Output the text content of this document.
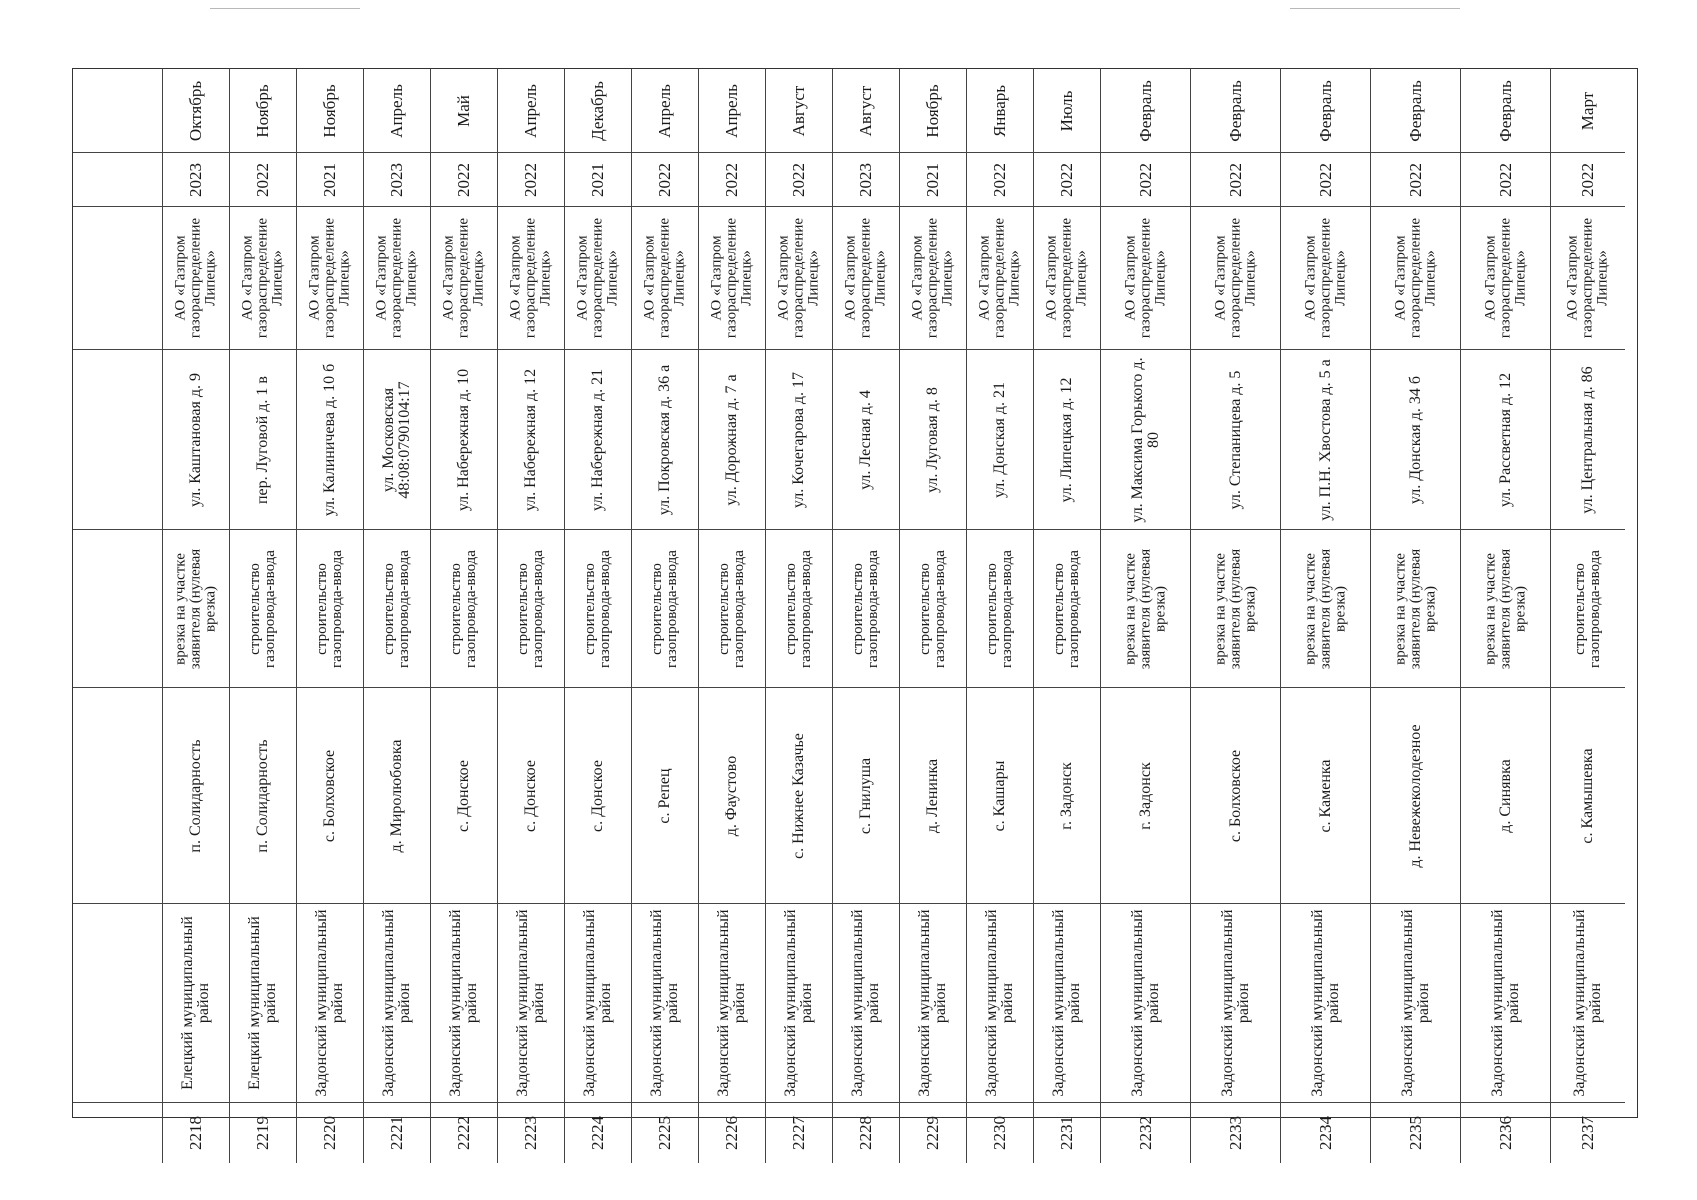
Октябрь
2023
АО «Газпром газораспределение Липецк»
ул. Каштановая д. 9
врезка на участке заявителя (нулевая врезка)
п. Солидарность
Елецкий муниципальный район
2218
Ноябрь
2022
АО «Газпром газораспределение Липецк»
пер. Луговой д. 1 в
строительство газопровода-ввода
п. Солидарность
Елецкий муниципальный район
2219
Ноябрь
2021
АО «Газпром газораспределение Липецк»
ул. Калиничева д. 10 б
строительство газопровода-ввода
с. Болховское
Задонский муниципальный район
2220
Апрель
2023
АО «Газпром газораспределение Липецк»
ул. Московская 48:08:0790104:17
строительство газопровода-ввода
д. Миролюбовка
Задонский муниципальный район
2221
Май
2022
АО «Газпром газораспределение Липецк»
ул. Набережная д. 10
строительство газопровода-ввода
с. Донское
Задонский муниципальный район
2222
Апрель
2022
АО «Газпром газораспределение Липецк»
ул. Набережная д. 12
строительство газопровода-ввода
с. Донское
Задонский муниципальный район
2223
Декабрь
2021
АО «Газпром газораспределение Липецк»
ул. Набережная д. 21
строительство газопровода-ввода
с. Донское
Задонский муниципальный район
2224
Апрель
2022
АО «Газпром газораспределение Липецк»
ул. Покровская д. 36 а
строительство газопровода-ввода
с. Репец
Задонский муниципальный район
2225
Апрель
2022
АО «Газпром газораспределение Липецк»
ул. Дорожная д. 7 а
строительство газопровода-ввода
д. Фаустово
Задонский муниципальный район
2226
Август
2022
АО «Газпром газораспределение Липецк»
ул. Кочегарова д. 17
строительство газопровода-ввода
с. Нижнее Казачье
Задонский муниципальный район
2227
Август
2023
АО «Газпром газораспределение Липецк»
ул. Лесная д. 4
строительство газопровода-ввода
с. Гнилуша
Задонский муниципальный район
2228
Ноябрь
2021
АО «Газпром газораспределение Липецк»
ул. Луговая д. 8
строительство газопровода-ввода
д. Ленинка
Задонский муниципальный район
2229
Январь
2022
АО «Газпром газораспределение Липецк»
ул. Донская д. 21
строительство газопровода-ввода
с. Кашары
Задонский муниципальный район
2230
Июль
2022
АО «Газпром газораспределение Липецк»
ул. Липецкая д. 12
строительство газопровода-ввода
г. Задонск
Задонский муниципальный район
2231
Февраль
2022
АО «Газпром газораспределение Липецк»
ул. Максима Горького д. 80
врезка на участке заявителя (нулевая врезка)
г. Задонск
Задонский муниципальный район
2232
Февраль
2022
АО «Газпром газораспределение Липецк»
ул. Степаницева д. 5
врезка на участке заявителя (нулевая врезка)
с. Болховское
Задонский муниципальный район
2233
Февраль
2022
АО «Газпром газораспределение Липецк»
ул. П.Н. Хвостова д. 5 а
врезка на участке заявителя (нулевая врезка)
с. Каменка
Задонский муниципальный район
2234
Февраль
2022
АО «Газпром газораспределение Липецк»
ул. Донская д. 34 б
врезка на участке заявителя (нулевая врезка)
д. Невежеколодезное
Задонский муниципальный район
2235
Февраль
2022
АО «Газпром газораспределение Липецк»
ул. Рассветная д. 12
врезка на участке заявителя (нулевая врезка)
д. Синявка
Задонский муниципальный район
2236
Март
2022
АО «Газпром газораспределение Липецк»
ул. Центральная д. 86
строительство газопровода-ввода
с. Камышевка
Задонский муниципальный район
2237
